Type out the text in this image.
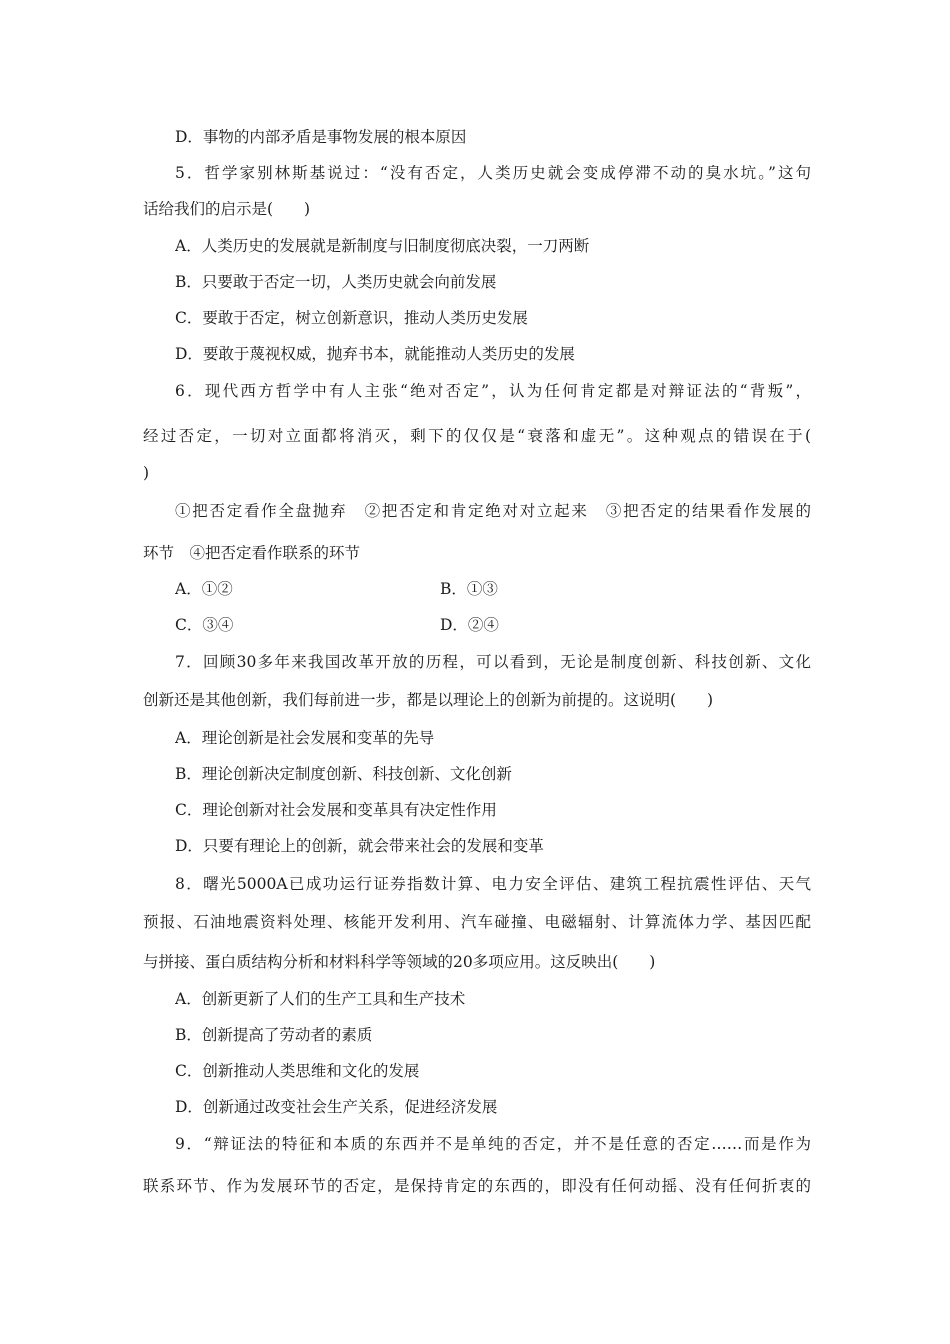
D．事物的内部矛盾是事物发展的根本原因
5．哲学家别林斯基说过：“没有否定，人类历史就会变成停滞不动的臭水坑。”这句
话给我们的启示是(　　)
A．人类历史的发展就是新制度与旧制度彻底决裂，一刀两断
B．只要敢于否定一切，人类历史就会向前发展
C．要敢于否定，树立创新意识，推动人类历史发展
D．要敢于蔑视权威，抛弃书本，就能推动人类历史的发展
6．现代西方哲学中有人主张“绝对否定”，认为任何肯定都是对辩证法的“背叛”，
经过否定，一切对立面都将消灭，剩下的仅仅是“衰落和虚无”。这种观点的错误在于(
)
①把否定看作全盘抛弃　②把否定和肯定绝对对立起来　③把否定的结果看作发展的
环节　④把否定看作联系的环节
A．①②	B．①③
C．③④	D．②④
7．回顾30多年来我国改革开放的历程，可以看到，无论是制度创新、科技创新、文化
创新还是其他创新，我们每前进一步，都是以理论上的创新为前提的。这说明(　　)
A．理论创新是社会发展和变革的先导
B．理论创新决定制度创新、科技创新、文化创新
C．理论创新对社会发展和变革具有决定性作用
D．只要有理论上的创新，就会带来社会的发展和变革
8．曙光5000A已成功运行证券指数计算、电力安全评估、建筑工程抗震性评估、天气
预报、石油地震资料处理、核能开发利用、汽车碰撞、电磁辐射、计算流体力学、基因匹配
与拼接、蛋白质结构分析和材料科学等领域的20多项应用。这反映出(　　)
A．创新更新了人们的生产工具和生产技术
B．创新提高了劳动者的素质
C．创新推动人类思维和文化的发展
D．创新通过改变社会生产关系，促进经济发展
9．“辩证法的特征和本质的东西并不是单纯的否定，并不是任意的否定……而是作为
联系环节、作为发展环节的否定，是保持肯定的东西的，即没有任何动摇、没有任何折衷的
